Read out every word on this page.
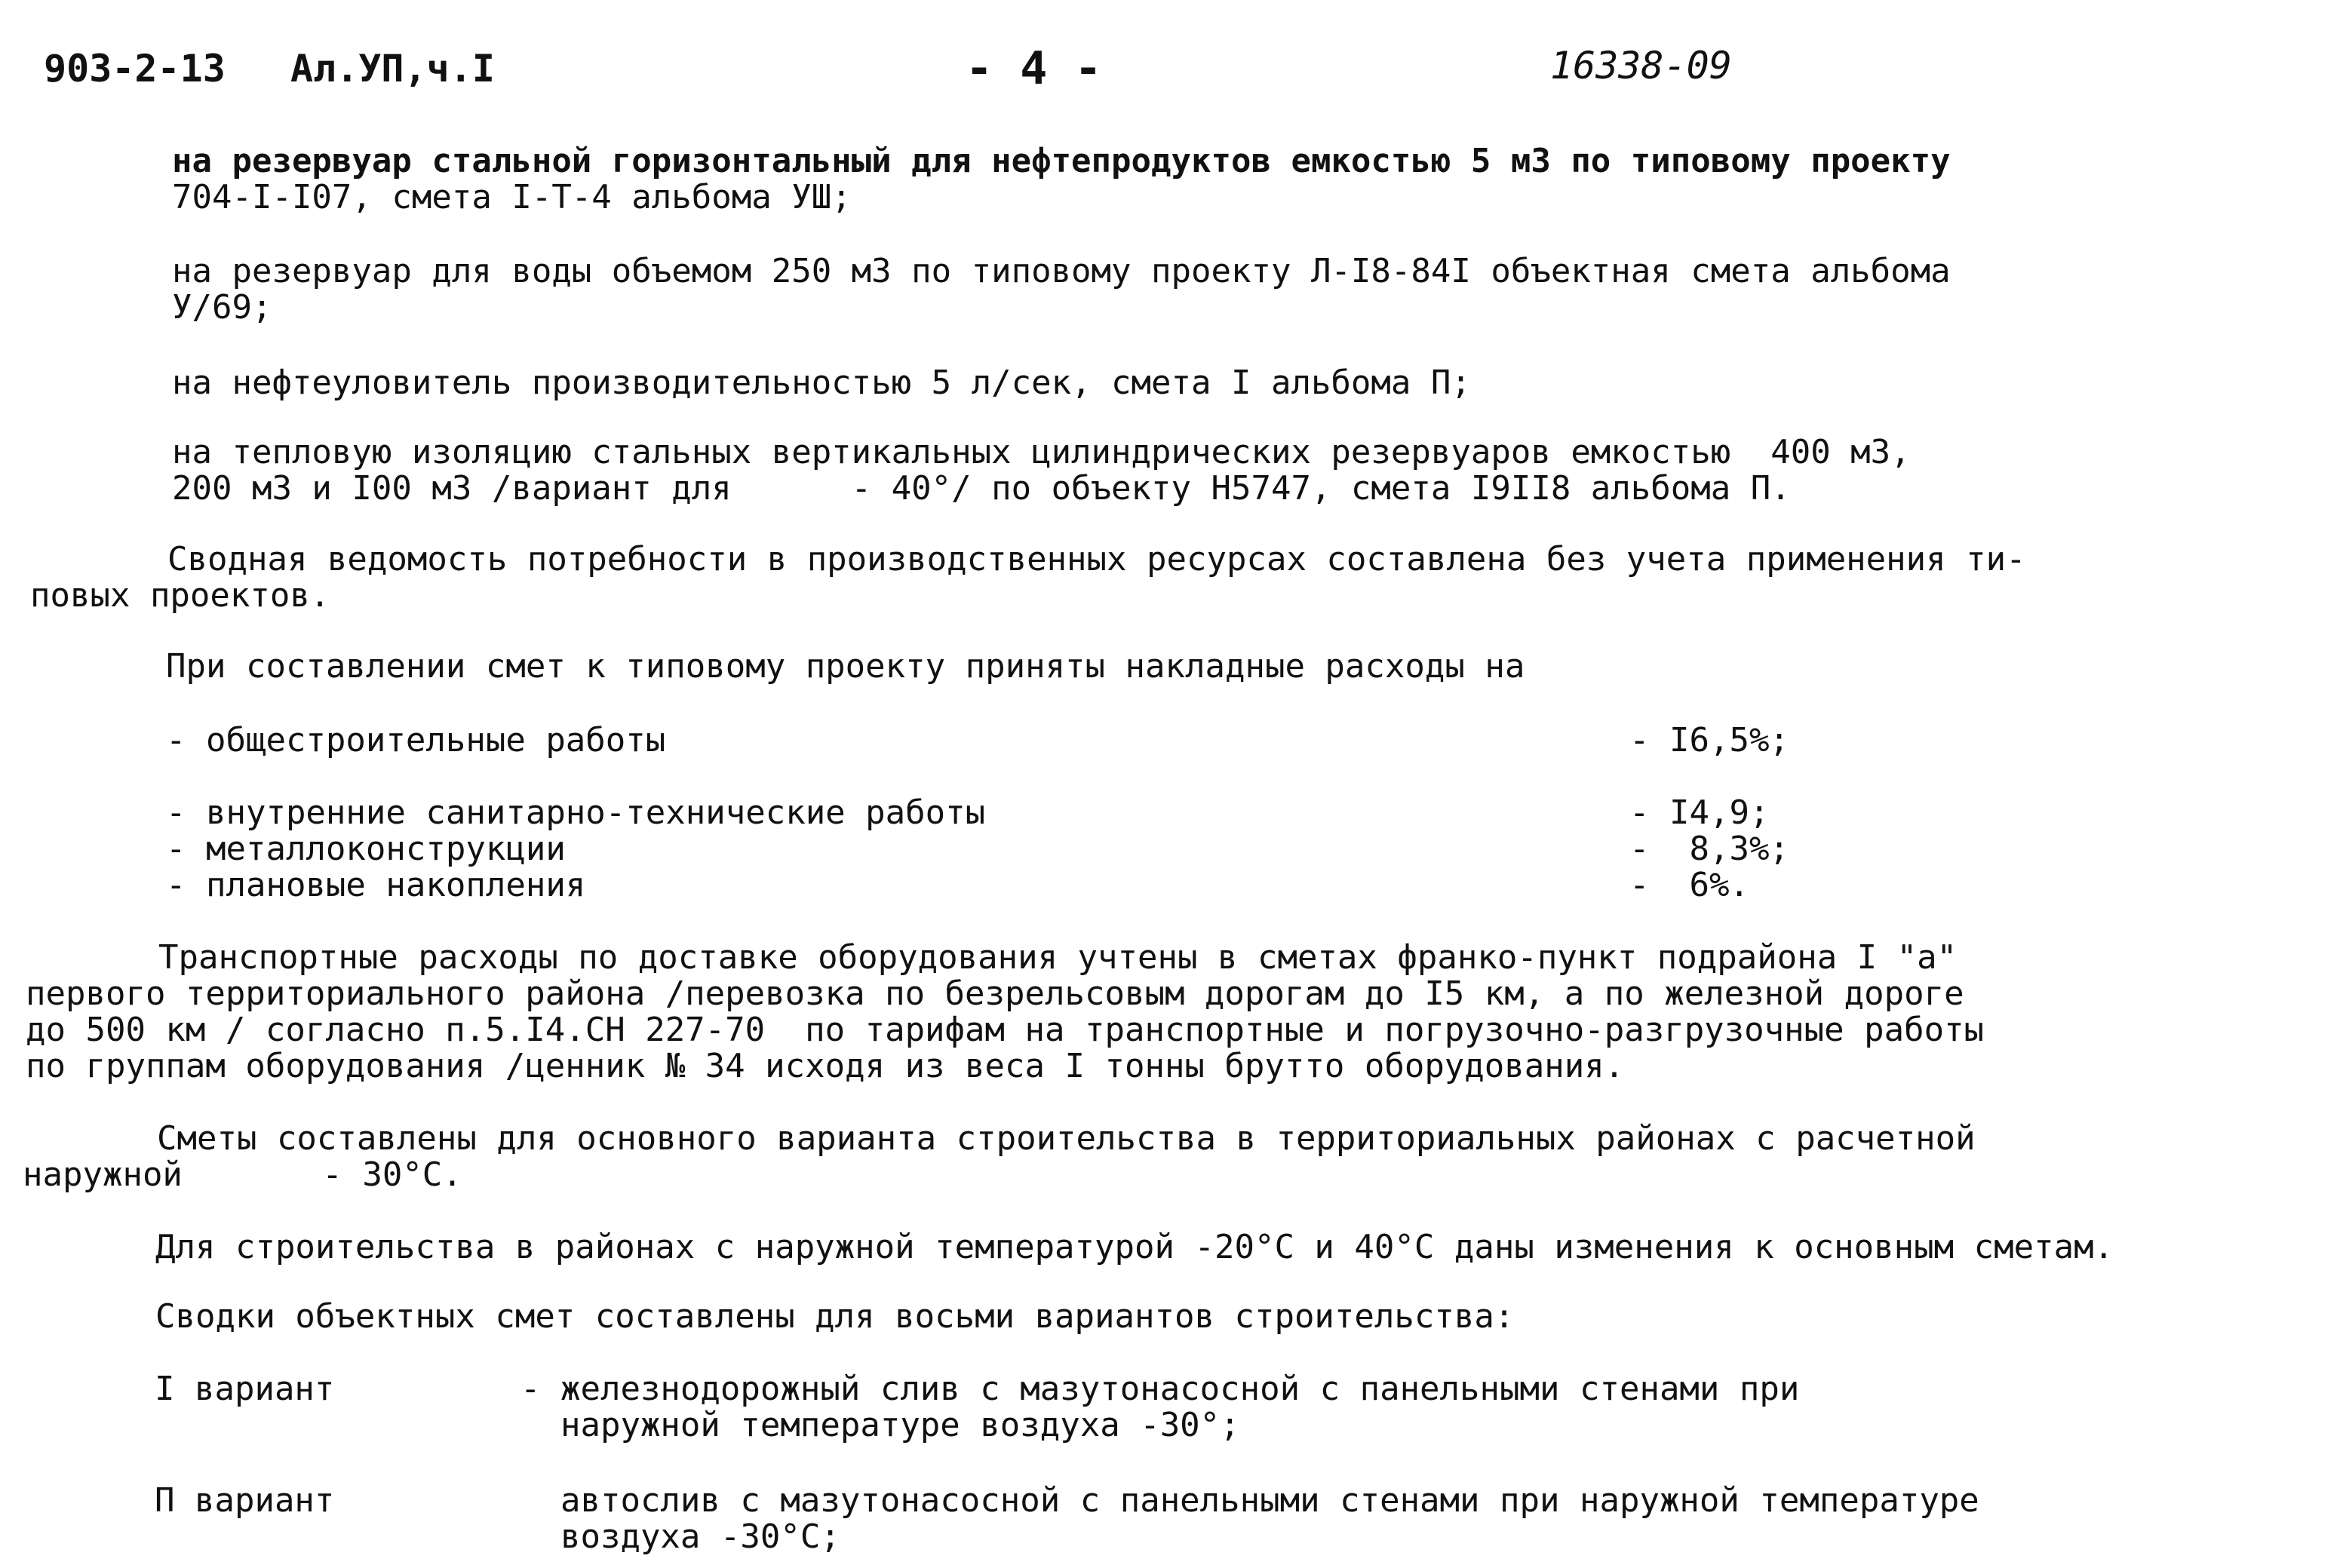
903-2-13 Ал.УП,ч.I	- 4 -	16338-09
на резервуар стальной горизонтальный для нефтепродуктов емкостью 5 м3 по типовому проекту
704-I-I07, смета I-T-4 альбома УШ;
на резервуар для воды объемом 250 м3 по типовому проекту Л-I8-84I объектная смета альбома
У/69;
на нефтеуловитель производительностью 5 л/сек, смета I альбома П;
на тепловую изоляцию стальных вертикальных цилиндрических резервуаров емкостью  400 м3,
200 м3 и I00 м3 /вариант для      - 40°/ по объекту Н5747, смета I9II8 альбома П.
Сводная ведомость потребности в производственных ресурсах составлена без учета применения ти-
повых проектов.
При составлении смет к типовому проекту приняты накладные расходы на
- общестроительные работы	- I6,5%;
- внутренние санитарно-технические работы	- I4,9;
- металлоконструкции	-  8,3%;
- плановые накопления	-  6%.
Транспортные расходы по доставке оборудования учтены в сметах франко-пункт подрайона I "а"
первого территориального района /перевозка по безрельсовым дорогам до I5 км, а по железной дороге
до 500 км / согласно п.5.I4.СН 227-70  по тарифам на транспортные и погрузочно-разгрузочные работы
по группам оборудования /ценник № 34 исходя из веса I тонны брутто оборудования.
Сметы составлены для основного варианта строительства в территориальных районах с расчетной
наружной       - 30°С.
Для строительства в районах с наружной температурой -20°С и 40°С даны изменения к основным сметам.
Сводки объектных смет составлены для восьми вариантов строительства:
I вариант	- железнодорожный слив с мазутонасосной с панельными стенами при
наружной температуре воздуха -30°;
П вариант	автослив с мазутонасосной с панельными стенами при наружной температуре
воздуха -30°С;
